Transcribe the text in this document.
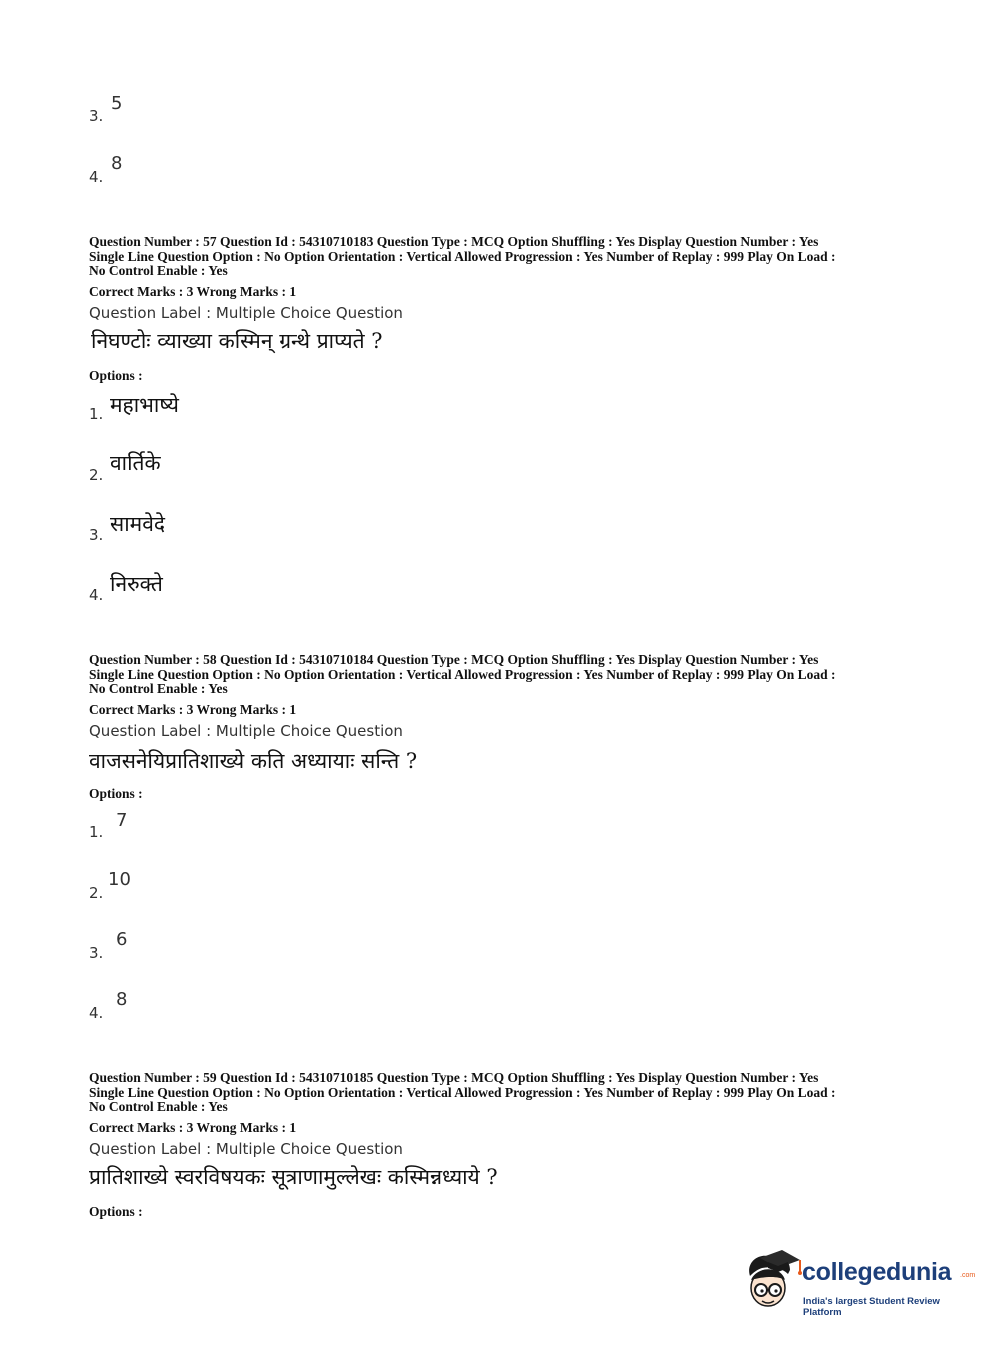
3.
5
4.
8
Question Number : 57 Question Id : 54310710183 Question Type : MCQ Option Shuffling : Yes Display Question Number : Yes
Single Line Question Option : No Option Orientation : Vertical Allowed Progression : Yes Number of Replay : 999 Play On Load :
No Control Enable : Yes
Correct Marks : 3 Wrong Marks : 1
Question Label : Multiple Choice Question
निघण्टोः व्याख्या कस्मिन् ग्रन्थे प्राप्यते ?
Options :
1. महाभाष्ये
2. वार्तिके
3. सामवेदे
4. निरुक्ते
Question Number : 58 Question Id : 54310710184 Question Type : MCQ Option Shuffling : Yes Display Question Number : Yes
Single Line Question Option : No Option Orientation : Vertical Allowed Progression : Yes Number of Replay : 999 Play On Load :
No Control Enable : Yes
Correct Marks : 3 Wrong Marks : 1
Question Label : Multiple Choice Question
वाजसनेयिप्रातिशाख्ये कति अध्यायाः सन्ति ?
Options :
1.
7
2.
10
3.
6
4.
8
Question Number : 59 Question Id : 54310710185 Question Type : MCQ Option Shuffling : Yes Display Question Number : Yes
Single Line Question Option : No Option Orientation : Vertical Allowed Progression : Yes Number of Replay : 999 Play On Load :
No Control Enable : Yes
Correct Marks : 3 Wrong Marks : 1
Question Label : Multiple Choice Question
प्रातिशाख्ये स्वरविषयकः सूत्राणामुल्लेखः कस्मिन्नध्याये ?
Options :
collegedunia .com
India's largest Student Review Platform
